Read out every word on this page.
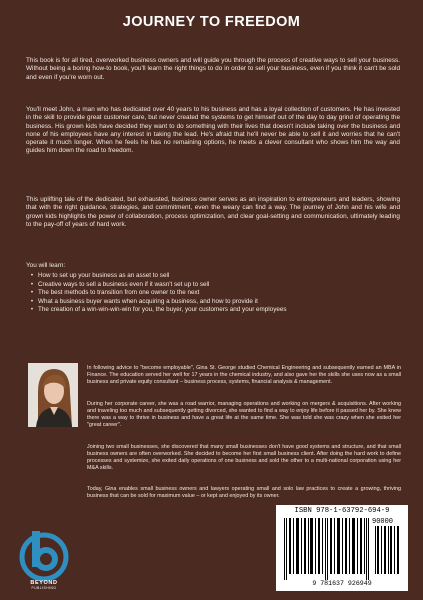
JOURNEY TO FREEDOM

This book is for all tired, overworked business owners and will guide you through the process of creative ways to sell your business. Without being a boring how-to book, you'll learn the right things to do in order to sell your business, even if you think it can't be sold and even if you're worn out.

You'll meet John, a man who has dedicated over 40 years to his business and has a loyal collection of customers. He has invested in the skill to provide great customer care, but never created the systems to get himself out of the day to day grind of operating the business. His grown kids have decided they want to do something with their lives that doesn't include taking over the business and none of his employees have any interest in taking the lead. He's afraid that he'll never be able to sell it and worries that he can't operate it much longer. When he feels he has no remaining options, he meets a clever consultant who shows him the way and guides him down the road to freedom.

This uplifting tale of the dedicated, but exhausted, business owner serves as an inspiration to entrepreneurs and leaders, showing that with the right guidance, strategies, and commitment, even the weary can find a way. The journey of John and his wife and grown kids highlights the power of collaboration, process optimization, and clear goal-setting and communication, ultimately leading to the pay-off of years of hard work.

You will learn:

• How to set up your business as an asset to sell
• Creative ways to sell a business even if it wasn't set up to sell
• The best methods to transition from one owner to the next
• What a business buyer wants when acquiring a business, and how to provide it
• The creation of a win-win-win-win for you, the buyer, your customers and your employees

In following advice to "become employable", Gina St. George studied Chemical Engineering and subsequently earned an MBA in Finance. The education served her well for 17 years in the chemical industry, and also gave her the skills she uses now as a small business and private equity consultant – business process, systems, financial analysis & management.

During her corporate career, she was a road warrior, managing operations and working on mergers & acquisitions. After working and traveling too much and subsequently getting divorced, she wanted to find a way to enjoy life before it passed her by. She knew there was a way to thrive in business and have a great life at the same time. She was told she was crazy when she exited her "great career".

Joining two small businesses, she discovered that many small businesses don't have good systems and structure, and that small business owners are often overworked. She decided to become her first small business client. After doing the hard work to define processes and systemize, she exited daily operations of one business and sold the other to a multi-national corporation using her M&A skills.

Today, Gina enables small business owners and lawyers operating small and solo law practices to create a growing, thriving business that can be sold for maximum value – or kept and enjoyed by its owner.

BEYOND
PUBLISHING
ISBN 978-1-63792-694-9
90000
9 781637 926949
